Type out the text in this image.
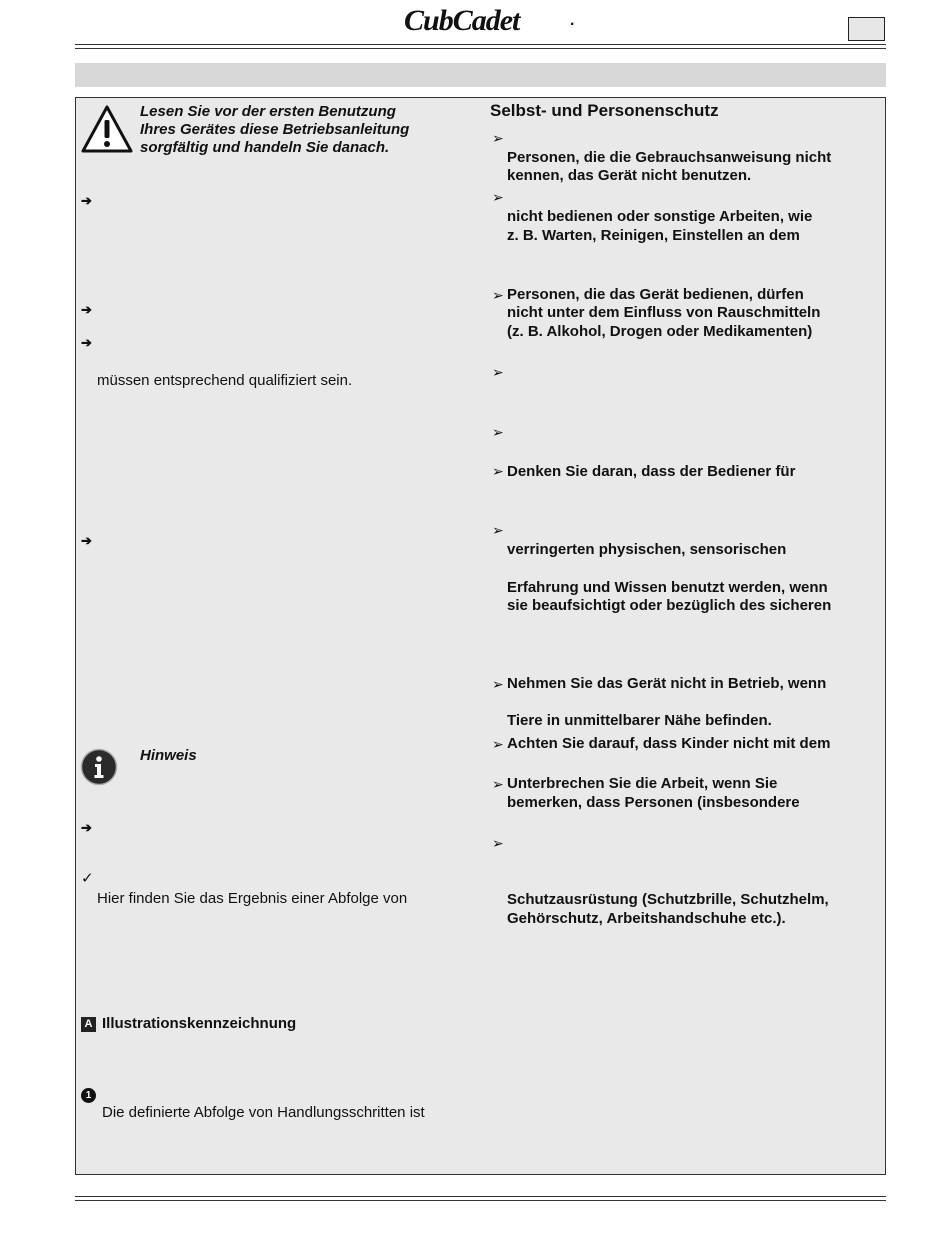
CubCadet	.
Lesen Sie vor der ersten Benutzung
Ihres Gerätes diese Betriebsanleitung
sorgfältig und handeln Sie danach.
➔
➔
➔
müssen entsprechend qualifiziert sein.
➔
Hinweis
➔
✓
Hier finden Sie das Ergebnis einer Abfolge von
A Illustrationskennzeichnung
1
Die definierte Abfolge von Handlungsschritten ist
Selbst- und Personenschutz
➢
Personen, die die Gebrauchsanweisung nicht
kennen, das Gerät nicht benutzen.
➢
nicht bedienen oder sonstige Arbeiten, wie
z. B. Warten, Reinigen, Einstellen an dem
➢ Personen, die das Gerät bedienen, dürfen
nicht unter dem Einfluss von Rauschmitteln
(z. B. Alkohol, Drogen oder Medikamenten)
➢
➢
➢ Denken Sie daran, dass der Bediener für
➢
verringerten physischen, sensorischen
Erfahrung und Wissen benutzt werden, wenn
sie beaufsichtigt oder bezüglich des sicheren
➢ Nehmen Sie das Gerät nicht in Betrieb, wenn
Tiere in unmittelbarer Nähe befinden.
➢ Achten Sie darauf, dass Kinder nicht mit dem
➢ Unterbrechen Sie die Arbeit, wenn Sie
bemerken, dass Personen (insbesondere
➢
Schutzausrüstung (Schutzbrille, Schutzhelm,
Gehörschutz, Arbeitshandschuhe etc.).
